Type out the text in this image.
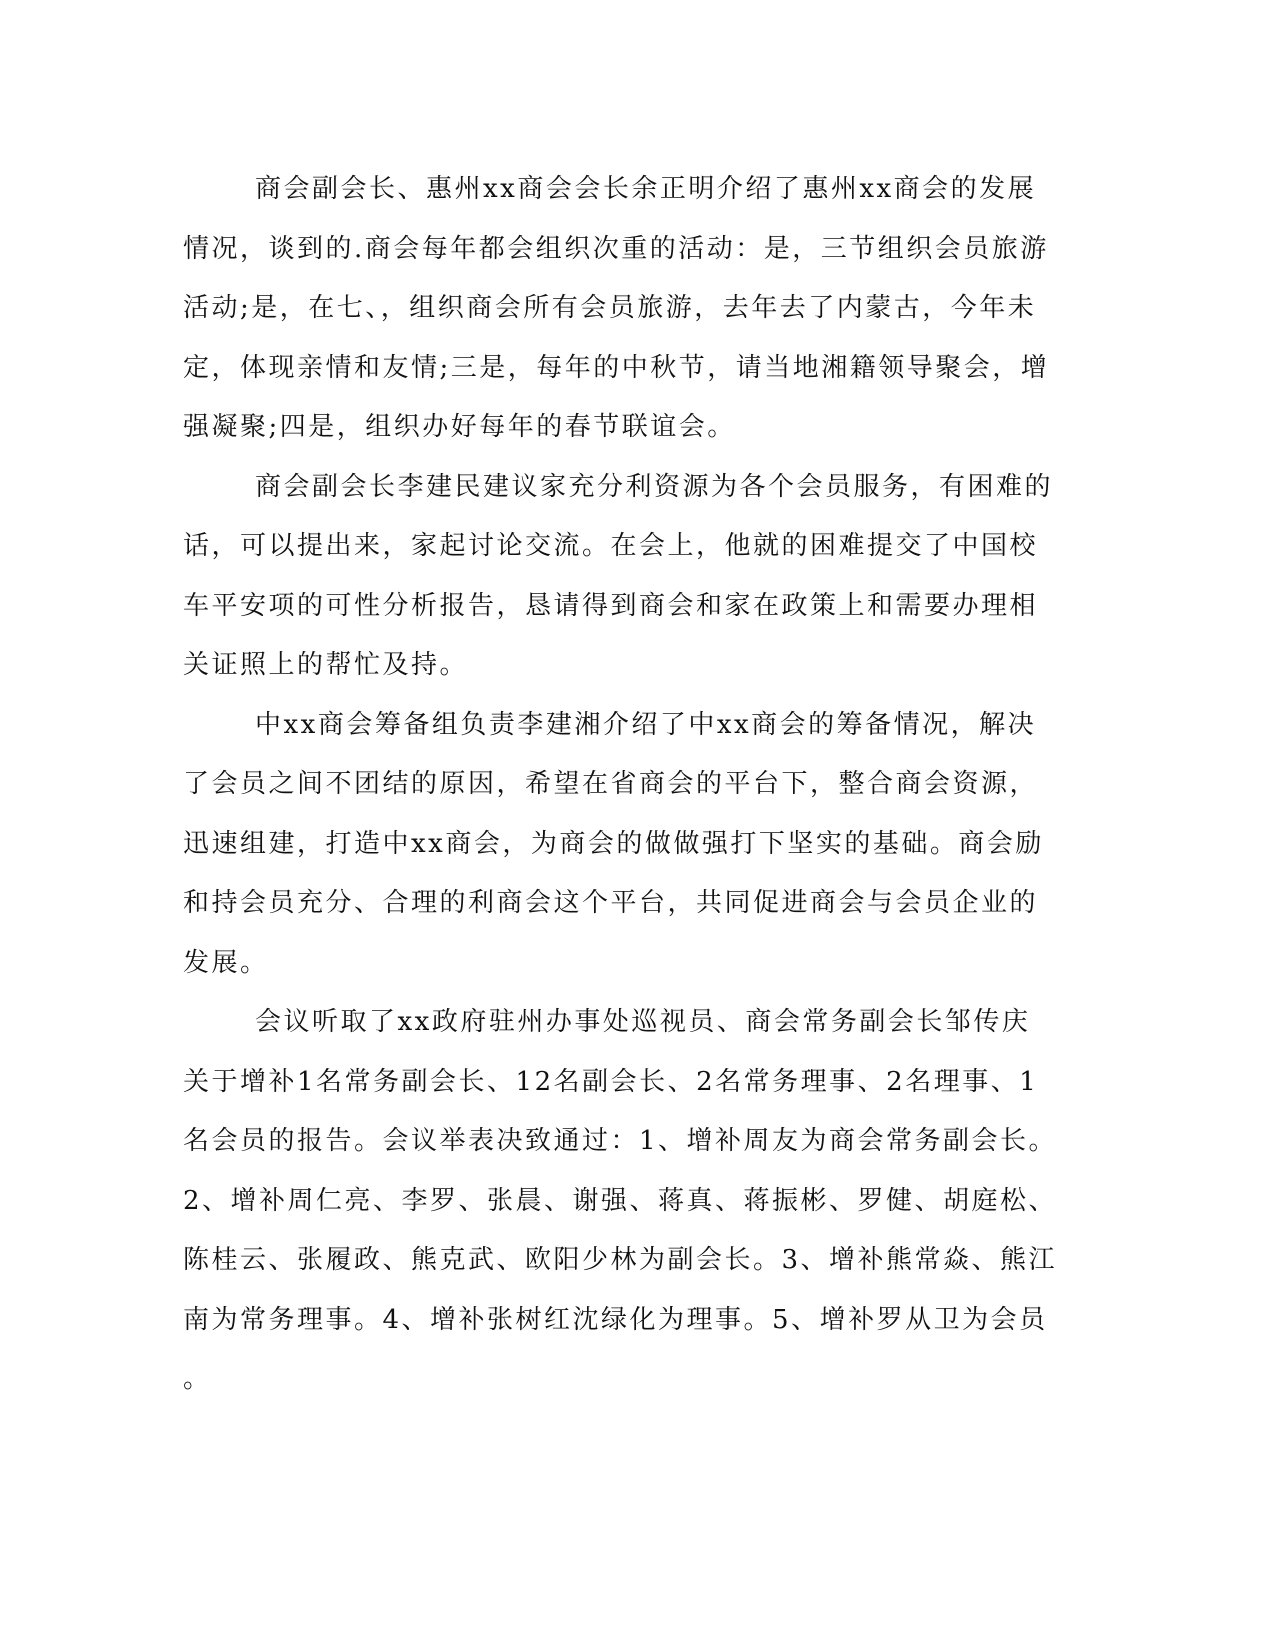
商会副会长、惠州xx商会会长余正明介绍了惠州xx商会的发展
情况，谈到的.商会每年都会组织次重的活动：是，三节组织会员旅游
活动;是，在七、，组织商会所有会员旅游，去年去了内蒙古，今年未
定，体现亲情和友情;三是，每年的中秋节，请当地湘籍领导聚会，增
强凝聚;四是，组织办好每年的春节联谊会。
商会副会长李建民建议家充分利资源为各个会员服务，有困难的
话，可以提出来，家起讨论交流。在会上，他就的困难提交了中国校
车平安项的可性分析报告，恳请得到商会和家在政策上和需要办理相
关证照上的帮忙及持。
中xx商会筹备组负责李建湘介绍了中xx商会的筹备情况，解决
了会员之间不团结的原因，希望在省商会的平台下，整合商会资源，
迅速组建，打造中xx商会，为商会的做做强打下坚实的基础。商会励
和持会员充分、合理的利商会这个平台，共同促进商会与会员企业的
发展。
会议听取了xx政府驻州办事处巡视员、商会常务副会长邹传庆
关于增补1名常务副会长、12名副会长、2名常务理事、2名理事、1
名会员的报告。会议举表决致通过：1、增补周友为商会常务副会长。
2、增补周仁亮、李罗、张晨、谢强、蒋真、蒋振彬、罗健、胡庭松、
陈桂云、张履政、熊克武、欧阳少林为副会长。3、增补熊常焱、熊江
南为常务理事。4、增补张树红沈绿化为理事。5、增补罗从卫为会员
。
